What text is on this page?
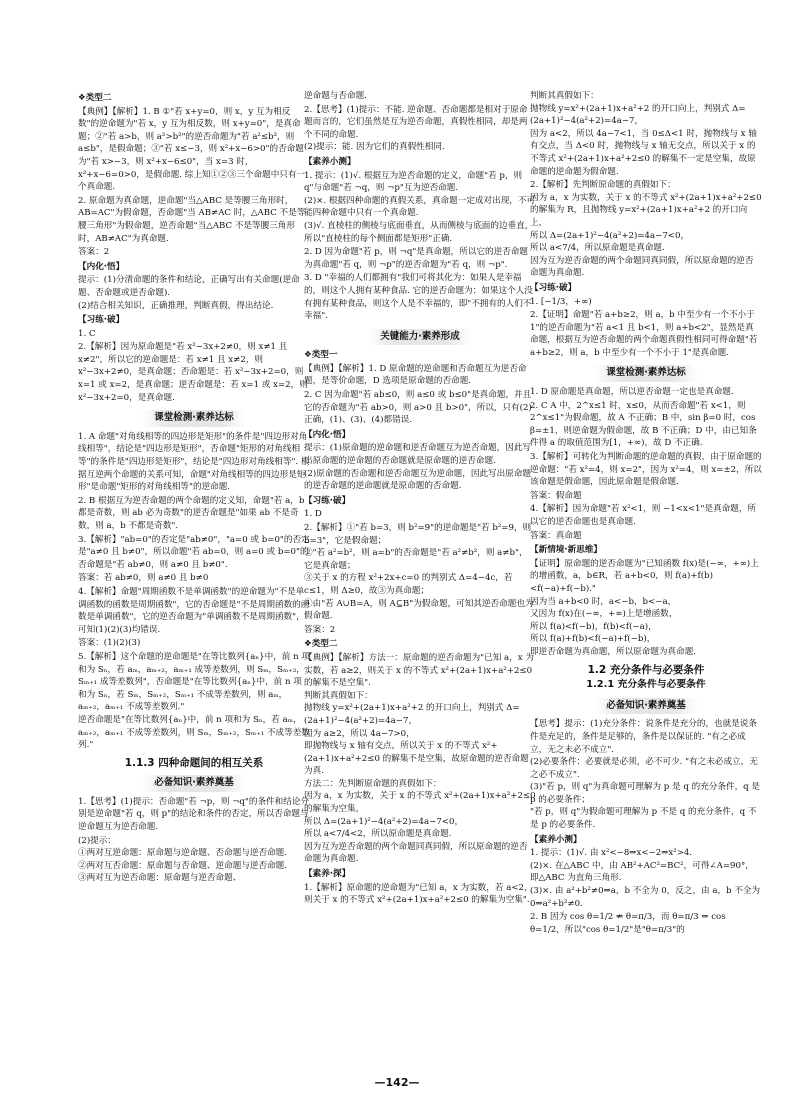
❖类型二
【典例】【解析】1. B ①"若 x+y=0，则 x，y 互为相反数"的逆命题为"若 x，y 互为相反数，则 x+y=0"，是真命题；②"若 a>b，则 a²>b²"的逆否命题为"若 a²≤b²，则 a≤b"，是假命题；③"若 x≤−3，则 x²+x−6>0"的否命题为"若 x>−3，则 x²+x−6≤0"，当 x=3 时，x²+x−6=0>0，是假命题. 综上知①②③三个命题中只有一个真命题.
2. 原命题为真命题，逆命题"当△ABC 是等腰三角形时，AB=AC"为假命题，否命题"当 AB≠AC 时，△ABC 不是等腰三角形"为假命题，逆否命题"当△ABC 不是等腰三角形时，AB≠AC"为真命题.
答案：2
【内化·悟】
提示：(1)分清命题的条件和结论，正确写出有关命题(逆命题、否命题或逆否命题).
(2)结合相关知识，正确推理，判断真假，得出结论.
【习练·破】
1. C
2.【解析】因为原命题是"若 x²−3x+2≠0，则 x≠1 且 x≠2"，所以它的逆命题是：若 x≠1 且 x≠2，则 x²−3x+2≠0，是真命题；否命题是：若 x²−3x+2=0，则 x=1 或 x=2，是真命题；逆否命题是：若 x=1 或 x=2，则 x²−3x+2=0，是真命题.
课堂检测·素养达标
1. A 命题"对角线相等的四边形是矩形"的条件是"四边形对角线相等"，结论是"四边形是矩形"，否命题"矩形的对角线相等"的条件是"四边形是矩形"，结论是"四边形对角线相等". 根据互逆两个命题的关系可知，命题"对角线相等的四边形是矩形"是命题"矩形的对角线相等"的逆命题.
2. B 根据互为逆否命题的两个命题的定义知，命题"若 a，b 都是奇数，则 ab 必为奇数"的逆否命题是"如果 ab 不是奇数，则 a，b 不都是奇数".
3.【解析】"ab=0"的否定是"ab≠0"，"a=0 或 b=0"的否定是"a≠0 且 b≠0"，所以命题"若 ab=0，则 a=0 或 b=0"的否命题是"若 ab≠0，则 a≠0 且 b≠0".
答案：若 ab≠0，则 a≠0 且 b≠0
4.【解析】命题"周期函数不是单调函数"的逆命题为"不是单调函数的函数是周期函数"，它的否命题是"不是周期函数的函数是单调函数"，它的逆否命题为"单调函数不是周期函数"，可知(1)(2)(3)均错误.
答案：(1)(2)(3)
5.【解析】这个命题的逆命题是"在等比数列{aₙ}中，前 n 项和为 Sₙ，若 aₘ，aₘ₊₂，aₘ₊₁ 成等差数列，则 Sₘ，Sₘ₊₂，Sₘ₊₁ 成等差数列"，否命题是"在等比数列{aₙ}中，前 n 项和为 Sₙ，若 Sₘ，Sₘ₊₂，Sₘ₊₁ 不成等差数列，则 aₘ，aₘ₊₂，aₘ₊₁ 不成等差数列."
逆否命题是"在等比数列{aₙ}中，前 n 项和为 Sₙ，若 aₘ，aₘ₊₂，aₘ₊₁ 不成等差数列，则 Sₘ，Sₘ₊₂，Sₘ₊₁ 不成等差数列."
1.1.3 四种命题间的相互关系
必备知识·素养奠基
1.【思考】(1)提示：否命题"若 ¬p，则 ¬q"的条件和结论分别是逆命题"若 q，则 p"的结论和条件的否定，所以否命题与逆命题互为逆否命题.
(2)提示：
①两对互逆命题：原命题与逆命题、否命题与逆否命题.
②两对互否命题：原命题与否命题、逆命题与逆否命题.
③两对互为逆否命题：原命题与逆否命题、
逆命题与否命题.
2.【思考】(1)提示：不能. 逆命题、否命题都是相对于原命题而言的，它们虽然是互为逆否命题，真假性相同，却是两个不同的命题.
(2)提示：能. 因为它们的真假性相同.
【素养小测】
1. 提示：(1)√. 根据互为逆否命题的定义，命题"若 p，则 q"与命题"若 ¬q，则 ¬p"互为逆否命题.
(2)×. 根据四种命题的真假关系，真命题一定成对出现，不可能四种命题中只有一个真命题.
(3)√. 直棱柱的侧棱与底面垂直，从而侧棱与底面的边垂直，所以"直棱柱的每个侧面都是矩形"正确.
2. D 因为命题"若 p，则 ¬q"是真命题，所以它的逆否命题为真命题"若 q，则 ¬p"的逆否命题为"若 q，则 ¬p".
3. D "幸福的人们都拥有"我们可将其化为：如果人是幸福的，则这个人拥有某种食品. 它的逆否命题为：如果这个人没有拥有某种食品，则这个人是不幸福的，即"不拥有的人们不幸福".
关键能力·素养形成
❖类型一
【典例】【解析】1. D 原命题的逆命题和否命题互为逆否命题，是等价命题，D 选项是原命题的否命题.
2. C 因为命题"若 ab≤0，则 a≤0 或 b≤0"是真命题，并且它的否命题为"若 ab>0，则 a>0 且 b>0"，所以，只有(2)正确，(1)、(3)、(4)都错误.
【内化·悟】
提示：(1)原命题的逆命题和逆否命题互为逆否命题，因此写出原命题的逆命题的否命题就是原命题的逆否命题.
(2)原命题的否命题和逆否命题互为逆命题，因此写出原命题的逆否命题的逆命题就是原命题的否命题.
【习练·破】
1. D
2.【解析】①"若 b=3，则 b²=9"的逆命题是"若 b²=9，则 b=3"，它是假命题；
②"若 a²=b²，则 a=b"的否命题是"若 a²≠b²，则 a≠b"，它是真命题；
③关于 x 的方程 x²+2x+c=0 的判别式 Δ=4−4c，若 c≤1，则 Δ≥0，故③为真命题；
④由"若 A∪B=A，则 A⊆B"为假命题，可知其逆否命题也为假命题.
答案：2
❖类型二
【典例】【解析】方法一：原命题的逆否命题为"已知 a，x 为实数，若 a≥2，则关于 x 的不等式 x²+(2a+1)x+a²+2≤0 的解集不是空集".
判断其真假如下：
抛物线 y=x²+(2a+1)x+a²+2 的开口向上，判别式 Δ=(2a+1)²−4(a²+2)=4a−7，
因为 a≥2，所以 4a−7>0，
即抛物线与 x 轴有交点，所以关于 x 的不等式 x²+(2a+1)x+a²+2≤0 的解集不是空集，故原命题的逆否命题为真.
方法二：先判断原命题的真假如下：
因为 a，x 为实数，关于 x 的不等式 x²+(2a+1)x+a²+2≤0 的解集为空集，
所以 Δ=(2a+1)²−4(a²+2)=4a−7<0，
所以 a<7/4<2，所以原命题是真命题.
因为互为逆否命题的两个命题同真同假，所以原命题的逆否命题为真命题.
【素养·探】
1.【解析】原命题的逆命题为"已知 a，x 为实数，若 a<2，则关于 x 的不等式 x²+(2a+1)x+a²+2≤0 的解集为空集".
判断其真假如下：
抛物线 y=x²+(2a+1)x+a²+2 的开口向上，判别式 Δ=(2a+1)²−4(a²+2)=4a−7，
因为 a<2，所以 4a−7<1，当 0≤Δ<1 时，抛物线与 x 轴有交点，当 Δ<0 时，抛物线与 x 轴无交点，所以关于 x 的不等式 x²+(2a+1)x+a²+2≤0 的解集不一定是空集，故原命题的逆命题为假命题.
2.【解析】先判断原命题的真假如下：
因为 a，x 为实数，关于 x 的不等式 x²+(2a+1)x+a²+2≤0 的解集为 R，且抛物线 y=x²+(2a+1)x+a²+2 的开口向上，
所以 Δ=(2a+1)²−4(a²+2)=4a−7<0，
所以 a<7/4，所以原命题是真命题.
因为互为逆否命题的两个命题同真同假，所以原命题的逆否命题为真命题.
【习练·破】
1. [−1/3，+∞)
2.【证明】命题"若 a+b≥2，则 a，b 中至少有一个不小于 1"的逆否命题为"若 a<1 且 b<1，则 a+b<2"，显然是真命题，根据互为逆否命题的两个命题真假性相同可得命题"若 a+b≥2，则 a，b 中至少有一个不小于 1"是真命题.
课堂检测·素养达标
1. D 原命题是真命题，所以逆否命题一定也是真命题.
2. C A 中，2^x≤1 时，x≤0，从而否命题"若 x<1，则 2^x≤1"为假命题，故 A 不正确；B 中，sin β=0 时，cos β=±1，则逆命题为假命题，故 B 不正确；D 中，由已知条件得 a 的取值范围为[1，+∞)，故 D 不正确.
3.【解析】可转化为判断命题的逆命题的真假，由于原命题的逆命题："若 x²=4，则 x=2"，因为 x²=4，则 x=±2，所以该命题是假命题，因此原命题是假命题.
答案：假命题
4.【解析】因为命题"若 x²<1，则 −1<x<1"是真命题，所以它的逆否命题也是真命题.
答案：真命题
【新情境·新思维】
【证明】原命题的逆否命题为"已知函数 f(x)是(−∞，+∞)上的增函数，a，b∈R，若 a+b<0，则 f(a)+f(b)<f(−a)+f(−b)."
因为当 a+b<0 时，a<−b，b<−a，
又因为 f(x)在(−∞，+∞)上是增函数，
所以 f(a)<f(−b)，f(b)<f(−a)，
所以 f(a)+f(b)<f(−a)+f(−b)，
即逆否命题为真命题，所以原命题为真命题.
1.2 充分条件与必要条件
1.2.1 充分条件与必要条件
必备知识·素养奠基
【思考】提示：(1)充分条件：说条件是充分的，也就是说条件是充足的，条件是足够的，条件是以保证的. "有之必成立，无之未必不成立".
(2)必要条件：必要就是必须，必不可少. "有之未必成立，无之必不成立".
(3)"若 p，则 q"为真命题可理解为 p 是 q 的充分条件，q 是 p 的必要条件；
"若 p，则 q"为假命题可理解为 p 不是 q 的充分条件，q 不是 p 的必要条件.
【素养小测】
1. 提示：(1)√. 由 x²<−8⇒x<−2⇒x²>4.
(2)×. 在△ABC 中，由 AB²+AC²=BC²，可得∠A=90°，即△ABC 为直角三角形.
(3)×. 由 a²+b²≠0⇒a，b 不全为 0，反之，由 a，b 不全为 0⇒a²+b²≠0.
2. B 因为 cos θ=1/2 ⇏ θ=π/3，而 θ=π/3 ⇒ cos θ=1/2，所以"cos θ=1/2"是"θ=π/3"的
—142—
